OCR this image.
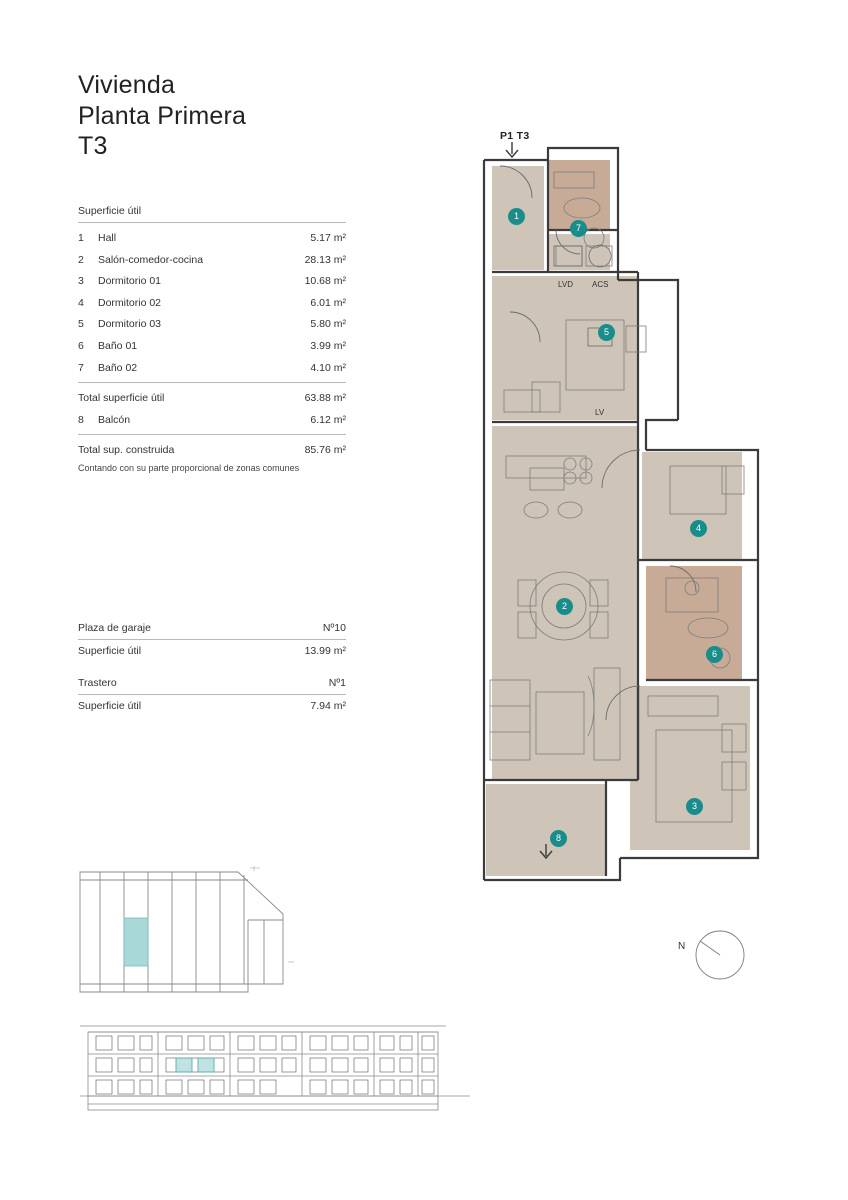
Vivienda
Planta Primera
T3
Superficie útil
1	Hall	5.17 m²
2	Salón-comedor-cocina	28.13 m²
3	Dormitorio 01	10.68 m²
4	Dormitorio 02	6.01 m²
5	Dormitorio 03	5.80 m²
6	Baño 01	3.99 m²
7	Baño 02	4.10 m²
Total superficie útil	63.88 m²
8	Balcón	6.12 m²
Total sup. construida	85.76 m²
Contando con su parte proporcional de zonas comunes
Plaza de garaje	Nº10
Superficie útil	13.99 m²
Trastero	Nº1
Superficie útil	7.94 m²
P1 T3
LVD ACS
LV
1
7
5
4
2
6
3
8
N
